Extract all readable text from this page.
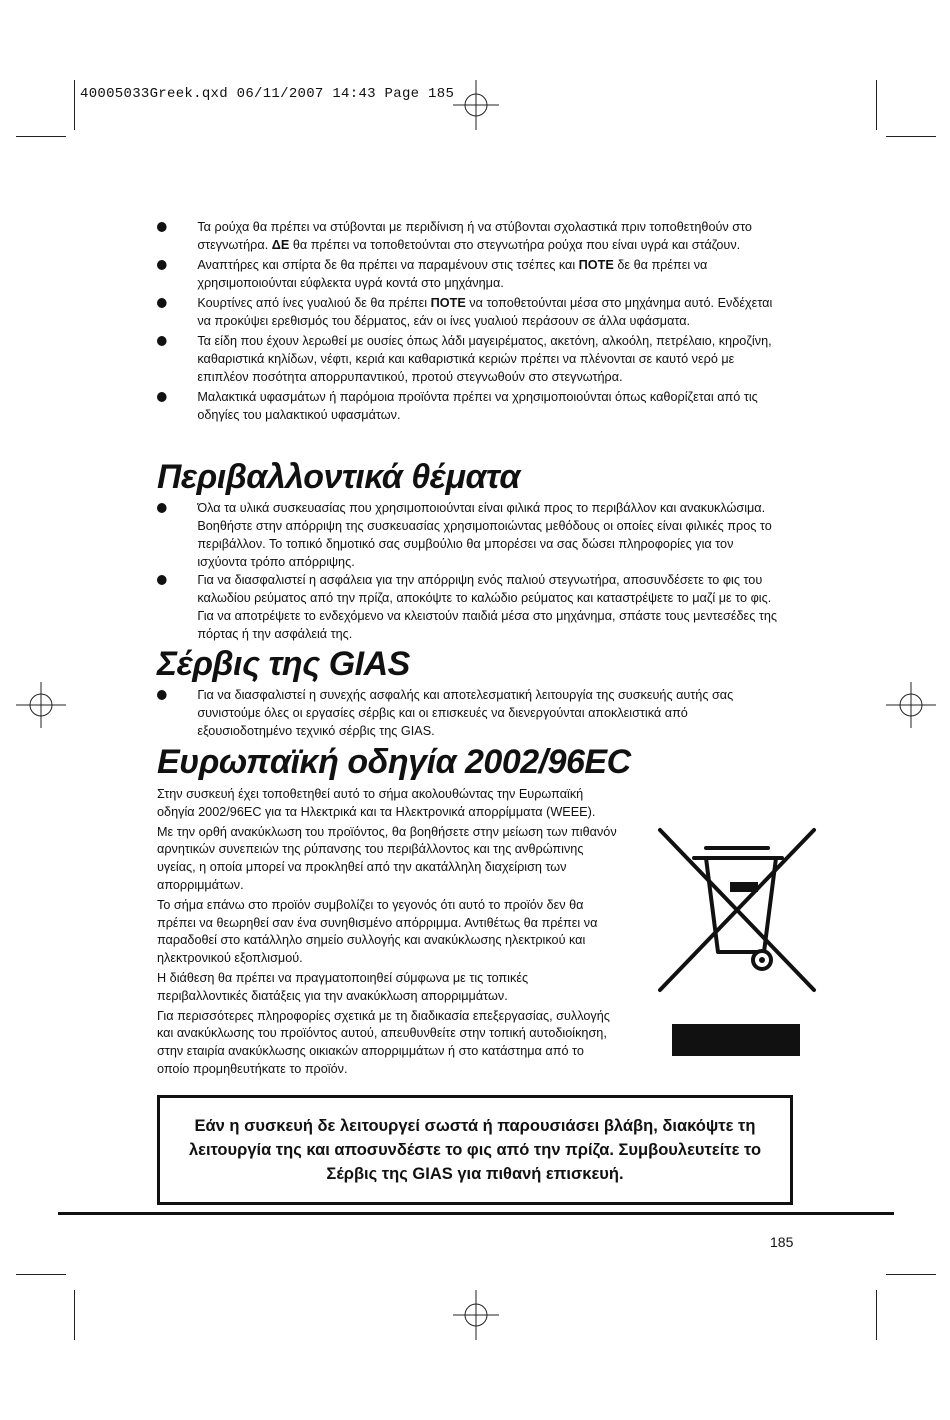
40005033Greek.qxd 06/11/2007 14:43 Page 185
Τα ρούχα θα πρέπει να στύβονται με περιδίνιση ή να στύβονται σχολαστικά πριν τοποθετηθούν στο στεγνωτήρα. ΔΕ θα πρέπει να τοποθετούνται στο στεγνωτήρα ρούχα που είναι υγρά και στάζουν.
Αναπτήρες και σπίρτα δε θα πρέπει να παραμένουν στις τσέπες και ΠΟΤΕ δε θα πρέπει να χρησιμοποιούνται εύφλεκτα υγρά κοντά στο μηχάνημα.
Κουρτίνες από ίνες γυαλιού δε θα πρέπει ΠΟΤΕ να τοποθετούνται μέσα στο μηχάνημα αυτό. Ενδέχεται να προκύψει ερεθισμός του δέρματος, εάν οι ίνες γυαλιού περάσουν σε άλλα υφάσματα.
Τα είδη που έχουν λερωθεί με ουσίες όπως λάδι μαγειρέματος, ακετόνη, αλκοόλη, πετρέλαιο, κηροζίνη, καθαριστικά κηλίδων, νέφτι, κεριά και καθαριστικά κεριών πρέπει να πλένονται σε καυτό νερό με επιπλέον ποσότητα απορρυπαντικού, προτού στεγνωθούν στο στεγνωτήρα.
Μαλακτικά υφασμάτων ή παρόμοια προϊόντα πρέπει να χρησιμοποιούνται όπως καθορίζεται από τις οδηγίες του μαλακτικού υφασμάτων.
Περιβαλλοντικά θέματα
Όλα τα υλικά συσκευασίας που χρησιμοποιούνται είναι φιλικά προς το περιβάλλον και ανακυκλώσιμα. Βοηθήστε στην απόρριψη της συσκευασίας χρησιμοποιώντας μεθόδους οι οποίες είναι φιλικές προς το περιβάλλον. Το τοπικό δημοτικό σας συμβούλιο θα μπορέσει να σας δώσει πληροφορίες για τον ισχύοντα τρόπο απόρριψης.
Για να διασφαλιστεί η ασφάλεια για την απόρριψη ενός παλιού στεγνωτήρα, αποσυνδέσετε το φις του καλωδίου ρεύματος από την πρίζα, αποκόψτε το καλώδιο ρεύματος και καταστρέψετε το μαζί με το φις. Για να αποτρέψετε το ενδεχόμενο να κλειστούν παιδιά μέσα στο μηχάνημα, σπάστε τους μεντεσέδες της πόρτας ή την ασφάλειά της.
Σέρβις της GIAS
Για να διασφαλιστεί η συνεχής ασφαλής και αποτελεσματική λειτουργία της συσκευής αυτής σας συνιστούμε όλες οι εργασίες σέρβις και οι επισκευές να διενεργούνται αποκλειστικά από εξουσιοδοτημένο τεχνικό σέρβις της GIAS.
Ευρωπαϊκή οδηγία 2002/96EC

Στην συσκευή έχει τοποθετηθεί αυτό το σήμα ακολουθώντας την Ευρωπαϊκή οδηγία 2002/96EC για τα Ηλεκτρικά και τα Ηλεκτρονικά απορρίμματα (WEEE).

Με την ορθή ανακύκλωση του προϊόντος, θα βοηθήσετε στην μείωση των πιθανόν αρνητικών συνεπειών της ρύπανσης του περιβάλλοντος και της ανθρώπινης υγείας, η οποία μπορεί να προκληθεί από την ακατάλληλη διαχείριση των απορριμμάτων.

Το σήμα επάνω στο προϊόν συμβολίζει το γεγονός ότι αυτό το προϊόν δεν θα πρέπει να θεωρηθεί σαν ένα συνηθισμένο απόρριμμα. Αντιθέτως θα πρέπει να παραδοθεί στο κατάλληλο σημείο συλλογής και ανακύκλωσης ηλεκτρικού και ηλεκτρονικού εξοπλισμού.

Η διάθεση θα πρέπει να πραγματοποιηθεί σύμφωνα με τις τοπικές περιβαλλοντικές διατάξεις για την ανακύκλωση απορριμμάτων.

Για περισσότερες πληροφορίες σχετικά με τη διαδικασία επεξεργασίας, συλλογής και ανακύκλωσης του προϊόντος αυτού, απευθυνθείτε στην τοπική αυτοδιοίκηση, στην εταιρία ανακύκλωσης οικιακών απορριμμάτων ή στο κατάστημα από το οποίο προμηθευτήκατε το προϊόν.

Εάν η συσκευή δε λειτουργεί σωστά ή παρουσιάσει βλάβη, διακόψτε τη λειτουργία της και αποσυνδέστε το φις από την πρίζα. Συμβουλευτείτε το Σέρβις της GIAS για πιθανή επισκευή.
185
